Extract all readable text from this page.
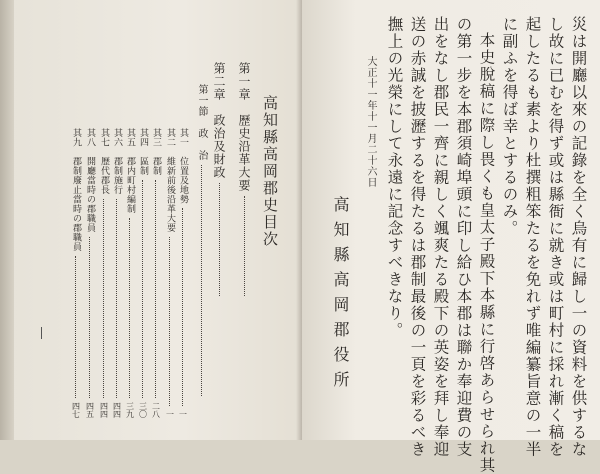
高知縣高岡郡史目次
第一章　歷史沿革大要
第二章　政治及財政
第一節　政　治
其一　位置及地勢
一
其二　維新前後沿革大要
一
其三　郡制
二八
其四　區制
三〇
其五　郡内町村編制
三九
其六　郡制施行
四四
其七　歷代郡長
四四
其八　開廳當時の郡職員
四五
其九　郡制廢止當時の郡職員
四七	災は開廳以來の記錄を全く烏有に歸し一の資料を供するな
し故に已むを得ず或は縣衙に就き或は町村に採れ漸く稿を
起したるも素より杜撰粗笨たるを免れず唯編纂旨意の一半
に副ふを得ば幸とするのみ。
本史脫稿に際し畏くも皇太子殿下本縣に行啓あらせられ其
の第一步を本郡須崎埠頭に印し給ひ本郡は聯か奉迎費の支
出をなし郡民一齊に親しく颯爽たる殿下の英姿を拜し奉迎
送の赤誠を披瀝するを得たるは郡制最後の一頁を彩るべき
撫上の光榮にして永遠に記念すべきなり。
大正十一年十一月二十六日
高知縣高岡郡役所
